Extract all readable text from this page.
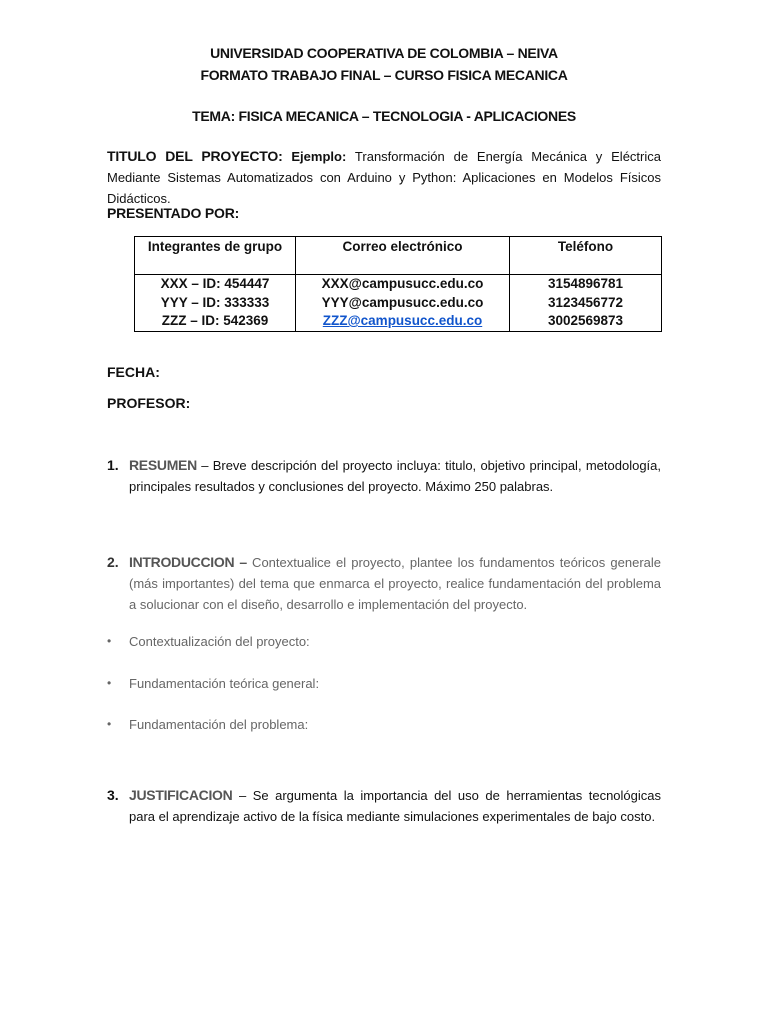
UNIVERSIDAD COOPERATIVA DE COLOMBIA – NEIVA
FORMATO TRABAJO FINAL – CURSO FISICA MECANICA
TEMA: FISICA MECANICA – TECNOLOGIA - APLICACIONES
TITULO DEL PROYECTO: Ejemplo: Transformación de Energía Mecánica y Eléctrica Mediante Sistemas Automatizados con Arduino y Python: Aplicaciones en Modelos Físicos Didácticos.
PRESENTADO POR:
Integrantes de grupo	Correo electrónico	Teléfono
XXX – ID: 454447	XXX@campusucc.edu.co	3154896781
YYY – ID: 333333	YYY@campusucc.edu.co	3123456772
ZZZ – ID: 542369	ZZZ@campusucc.edu.co	3002569873
FECHA:
PROFESOR:
1. RESUMEN – Breve descripción del proyecto incluya: titulo, objetivo principal, metodología, principales resultados y conclusiones del proyecto. Máximo 250 palabras.
2. INTRODUCCION – Contextualice el proyecto, plantee los fundamentos teóricos generale (más importantes) del tema que enmarca el proyecto, realice fundamentación del problema a solucionar con el diseño, desarrollo e implementación del proyecto.
• Contextualización del proyecto:
• Fundamentación teórica general:
• Fundamentación del problema:
3. JUSTIFICACION – Se argumenta la importancia del uso de herramientas tecnológicas para el aprendizaje activo de la física mediante simulaciones experimentales de bajo costo.
